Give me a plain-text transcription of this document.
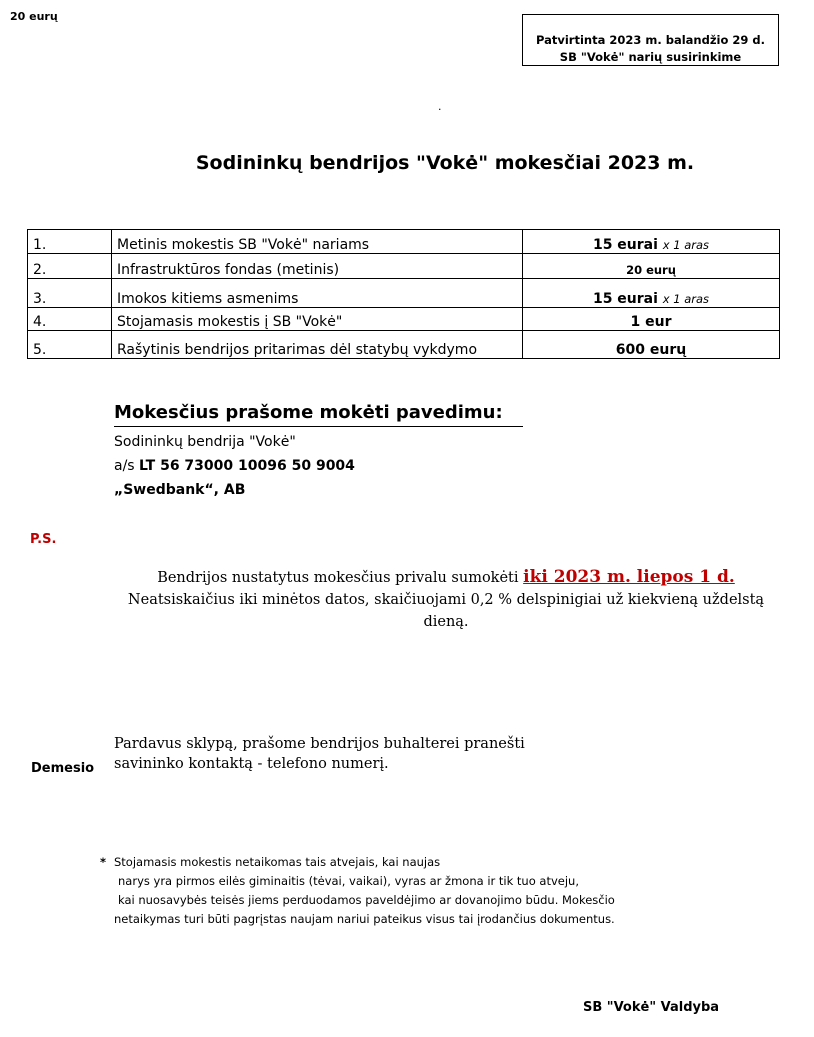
20 eurų
Patvirtinta 2023 m. balandžio 29 d.
SB "Vokė" narių susirinkime
.
Sodininkų bendrijos "Vokė" mokesčiai 2023 m.
1.	Metinis mokestis SB "Vokė" nariams	15 eurai x 1 aras
2.	Infrastruktūros fondas (metinis)	20 eurų
3.	Imokos kitiems asmenims	15 eurai x 1 aras
4.	Stojamasis mokestis į SB "Vokė"	1 eur
5.	Rašytinis bendrijos pritarimas dėl statybų vykdymo	600 eurų
Mokesčius prašome mokėti pavedimu:
Sodininkų bendrija "Vokė"
a/s LT 56 73000 10096 50 9004
„Swedbank“, AB
P.S.
Bendrijos nustatytus mokesčius privalu sumokėti iki 2023 m. liepos 1 d. Neatsiskaičius iki minėtos datos, skaičiuojami 0,2 % delspinigiai už kiekvieną uždelstą dieną.
Demesio
Pardavus sklypą, prašome bendrijos buhalterei pranešti
savininko kontaktą - telefono numerį.
* Stojamasis mokestis netaikomas tais atvejais, kai naujas
narys yra pirmos eilės giminaitis (tėvai, vaikai), vyras ar žmona ir tik tuo atveju,
kai nuosavybės teisės jiems perduodamos paveldėjimo ar dovanojimo būdu. Mokesčio
netaikymas turi būti pagrįstas naujam nariui pateikus visus tai įrodančius dokumentus.
SB "Vokė" Valdyba
